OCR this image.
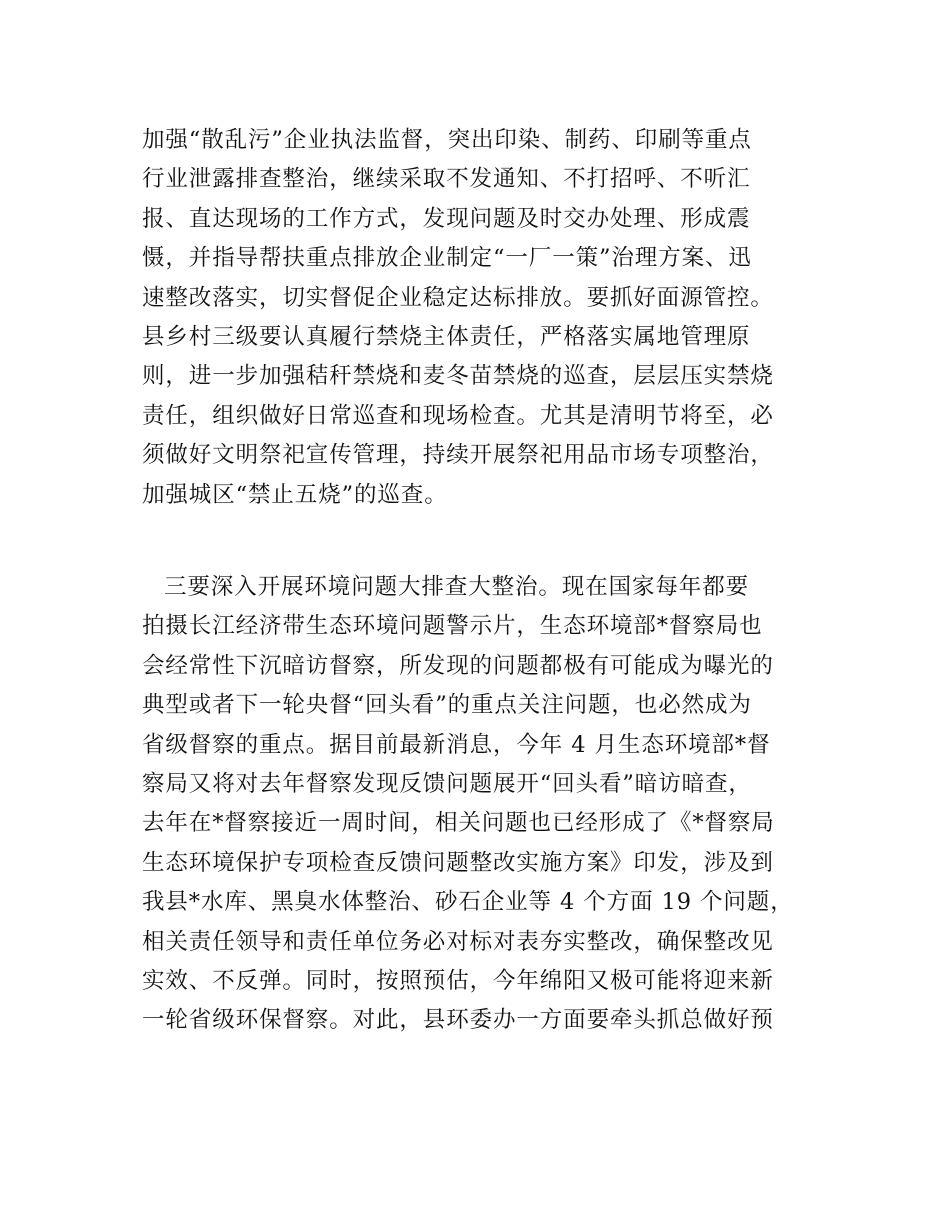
加强“散乱污”企业执法监督，突出印染、制药、印刷等重点
行业泄露排查整治，继续采取不发通知、不打招呼、不听汇
报、直达现场的工作方式，发现问题及时交办处理、形成震
慑，并指导帮扶重点排放企业制定“一厂一策”治理方案、迅
速整改落实，切实督促企业稳定达标排放。要抓好面源管控。
县乡村三级要认真履行禁烧主体责任，严格落实属地管理原
则，进一步加强秸秆禁烧和麦冬苗禁烧的巡查，层层压实禁烧
责任，组织做好日常巡查和现场检查。尤其是清明节将至，必
须做好文明祭祀宣传管理，持续开展祭祀用品市场专项整治，
加强城区“禁止五烧”的巡查。
三要深入开展环境问题大排查大整治。现在国家每年都要
拍摄长江经济带生态环境问题警示片，生态环境部*督察局也
会经常性下沉暗访督察，所发现的问题都极有可能成为曝光的
典型或者下一轮央督“回头看”的重点关注问题，也必然成为
省级督察的重点。据目前最新消息，今年 4 月生态环境部*督
察局又将对去年督察发现反馈问题展开“回头看”暗访暗查，
去年在*督察接近一周时间，相关问题也已经形成了《*督察局
生态环境保护专项检查反馈问题整改实施方案》印发，涉及到
我县*水库、黑臭水体整治、砂石企业等 4 个方面 19 个问题，
相关责任领导和责任单位务必对标对表夯实整改，确保整改见
实效、不反弹。同时，按照预估，今年绵阳又极可能将迎来新
一轮省级环保督察。对此，县环委办一方面要牵头抓总做好预
